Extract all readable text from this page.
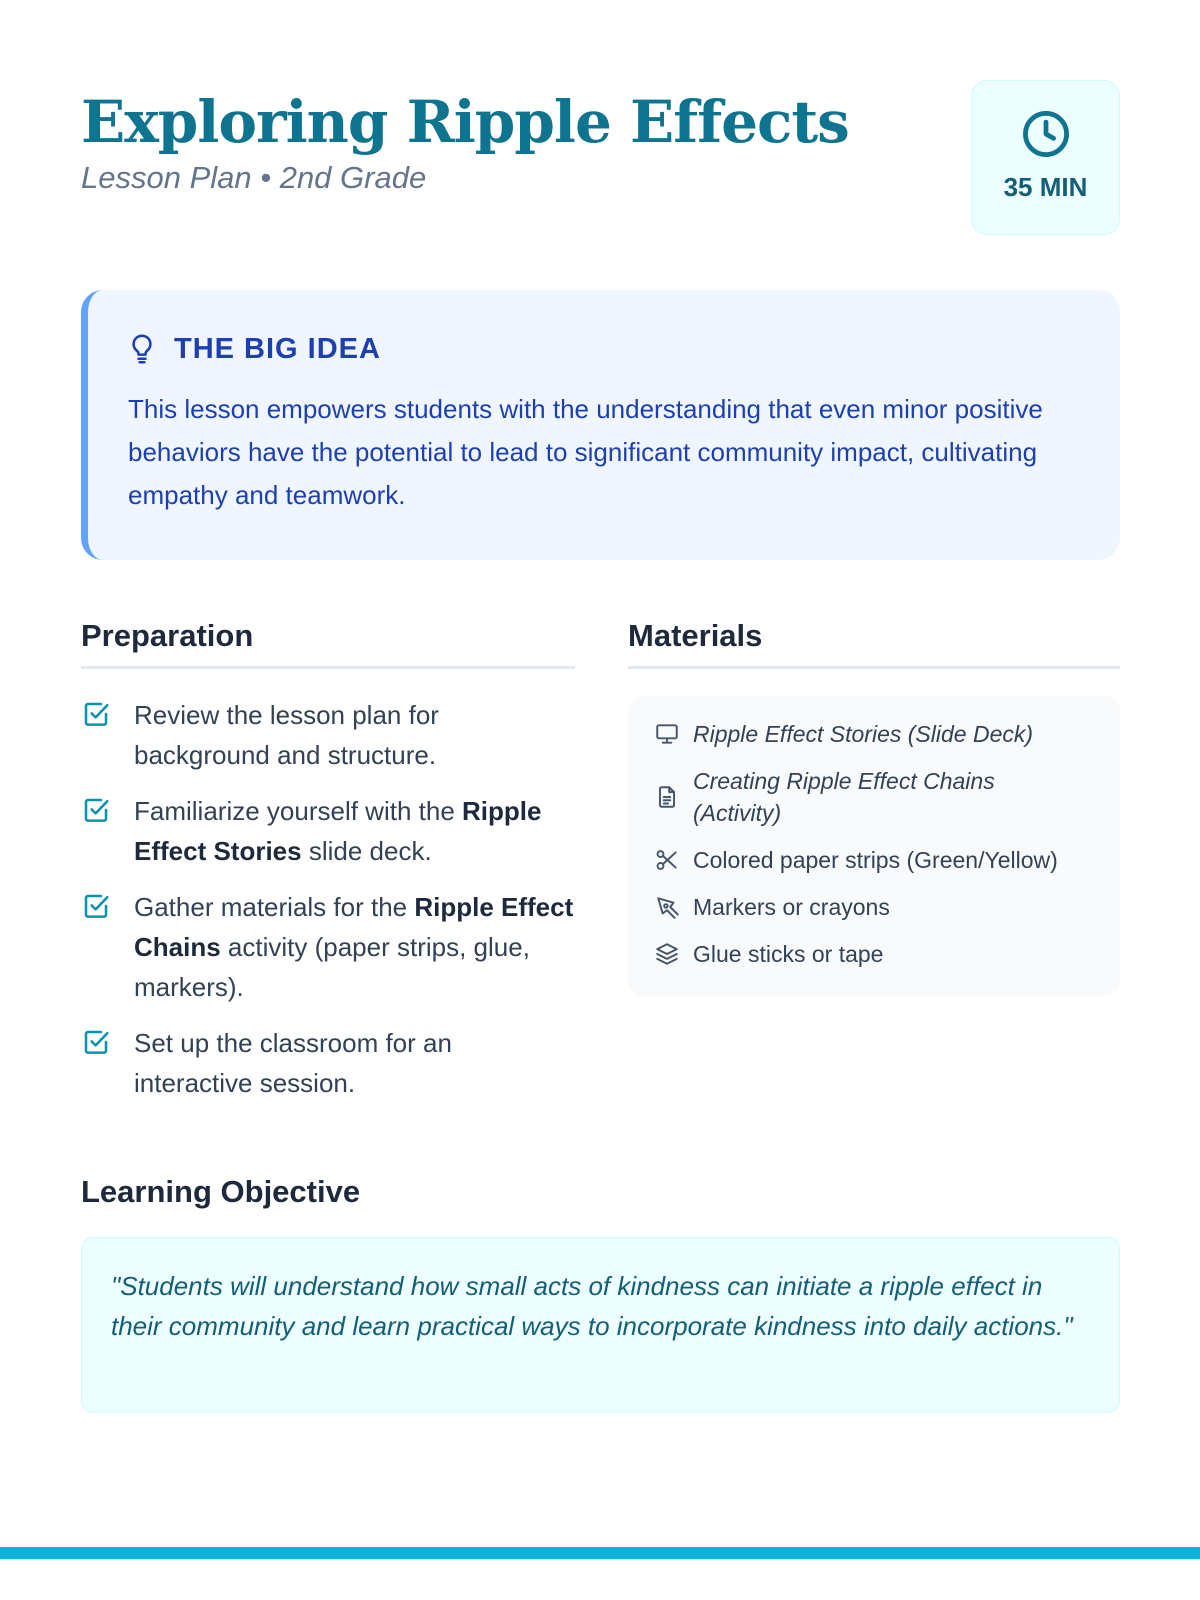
Exploring Ripple Effects
Lesson Plan • 2nd Grade	35 MIN
THE BIG IDEA

This lesson empowers students with the understanding that even minor positive behaviors have the potential to lead to significant community impact, cultivating empathy and teamwork.

Preparation
Review the lesson plan for background and structure.
Familiarize yourself with the Ripple Effect Stories slide deck.
Gather materials for the Ripple Effect Chains activity (paper strips, glue, markers).
Set up the classroom for an interactive session.
Materials
Ripple Effect Stories (Slide Deck)
Creating Ripple Effect Chains (Activity)
Colored paper strips (Green/Yellow)
Markers or crayons
Glue sticks or tape
Learning Objective

"Students will understand how small acts of kindness can initiate a ripple effect in their community and learn practical ways to incorporate kindness into daily actions."
